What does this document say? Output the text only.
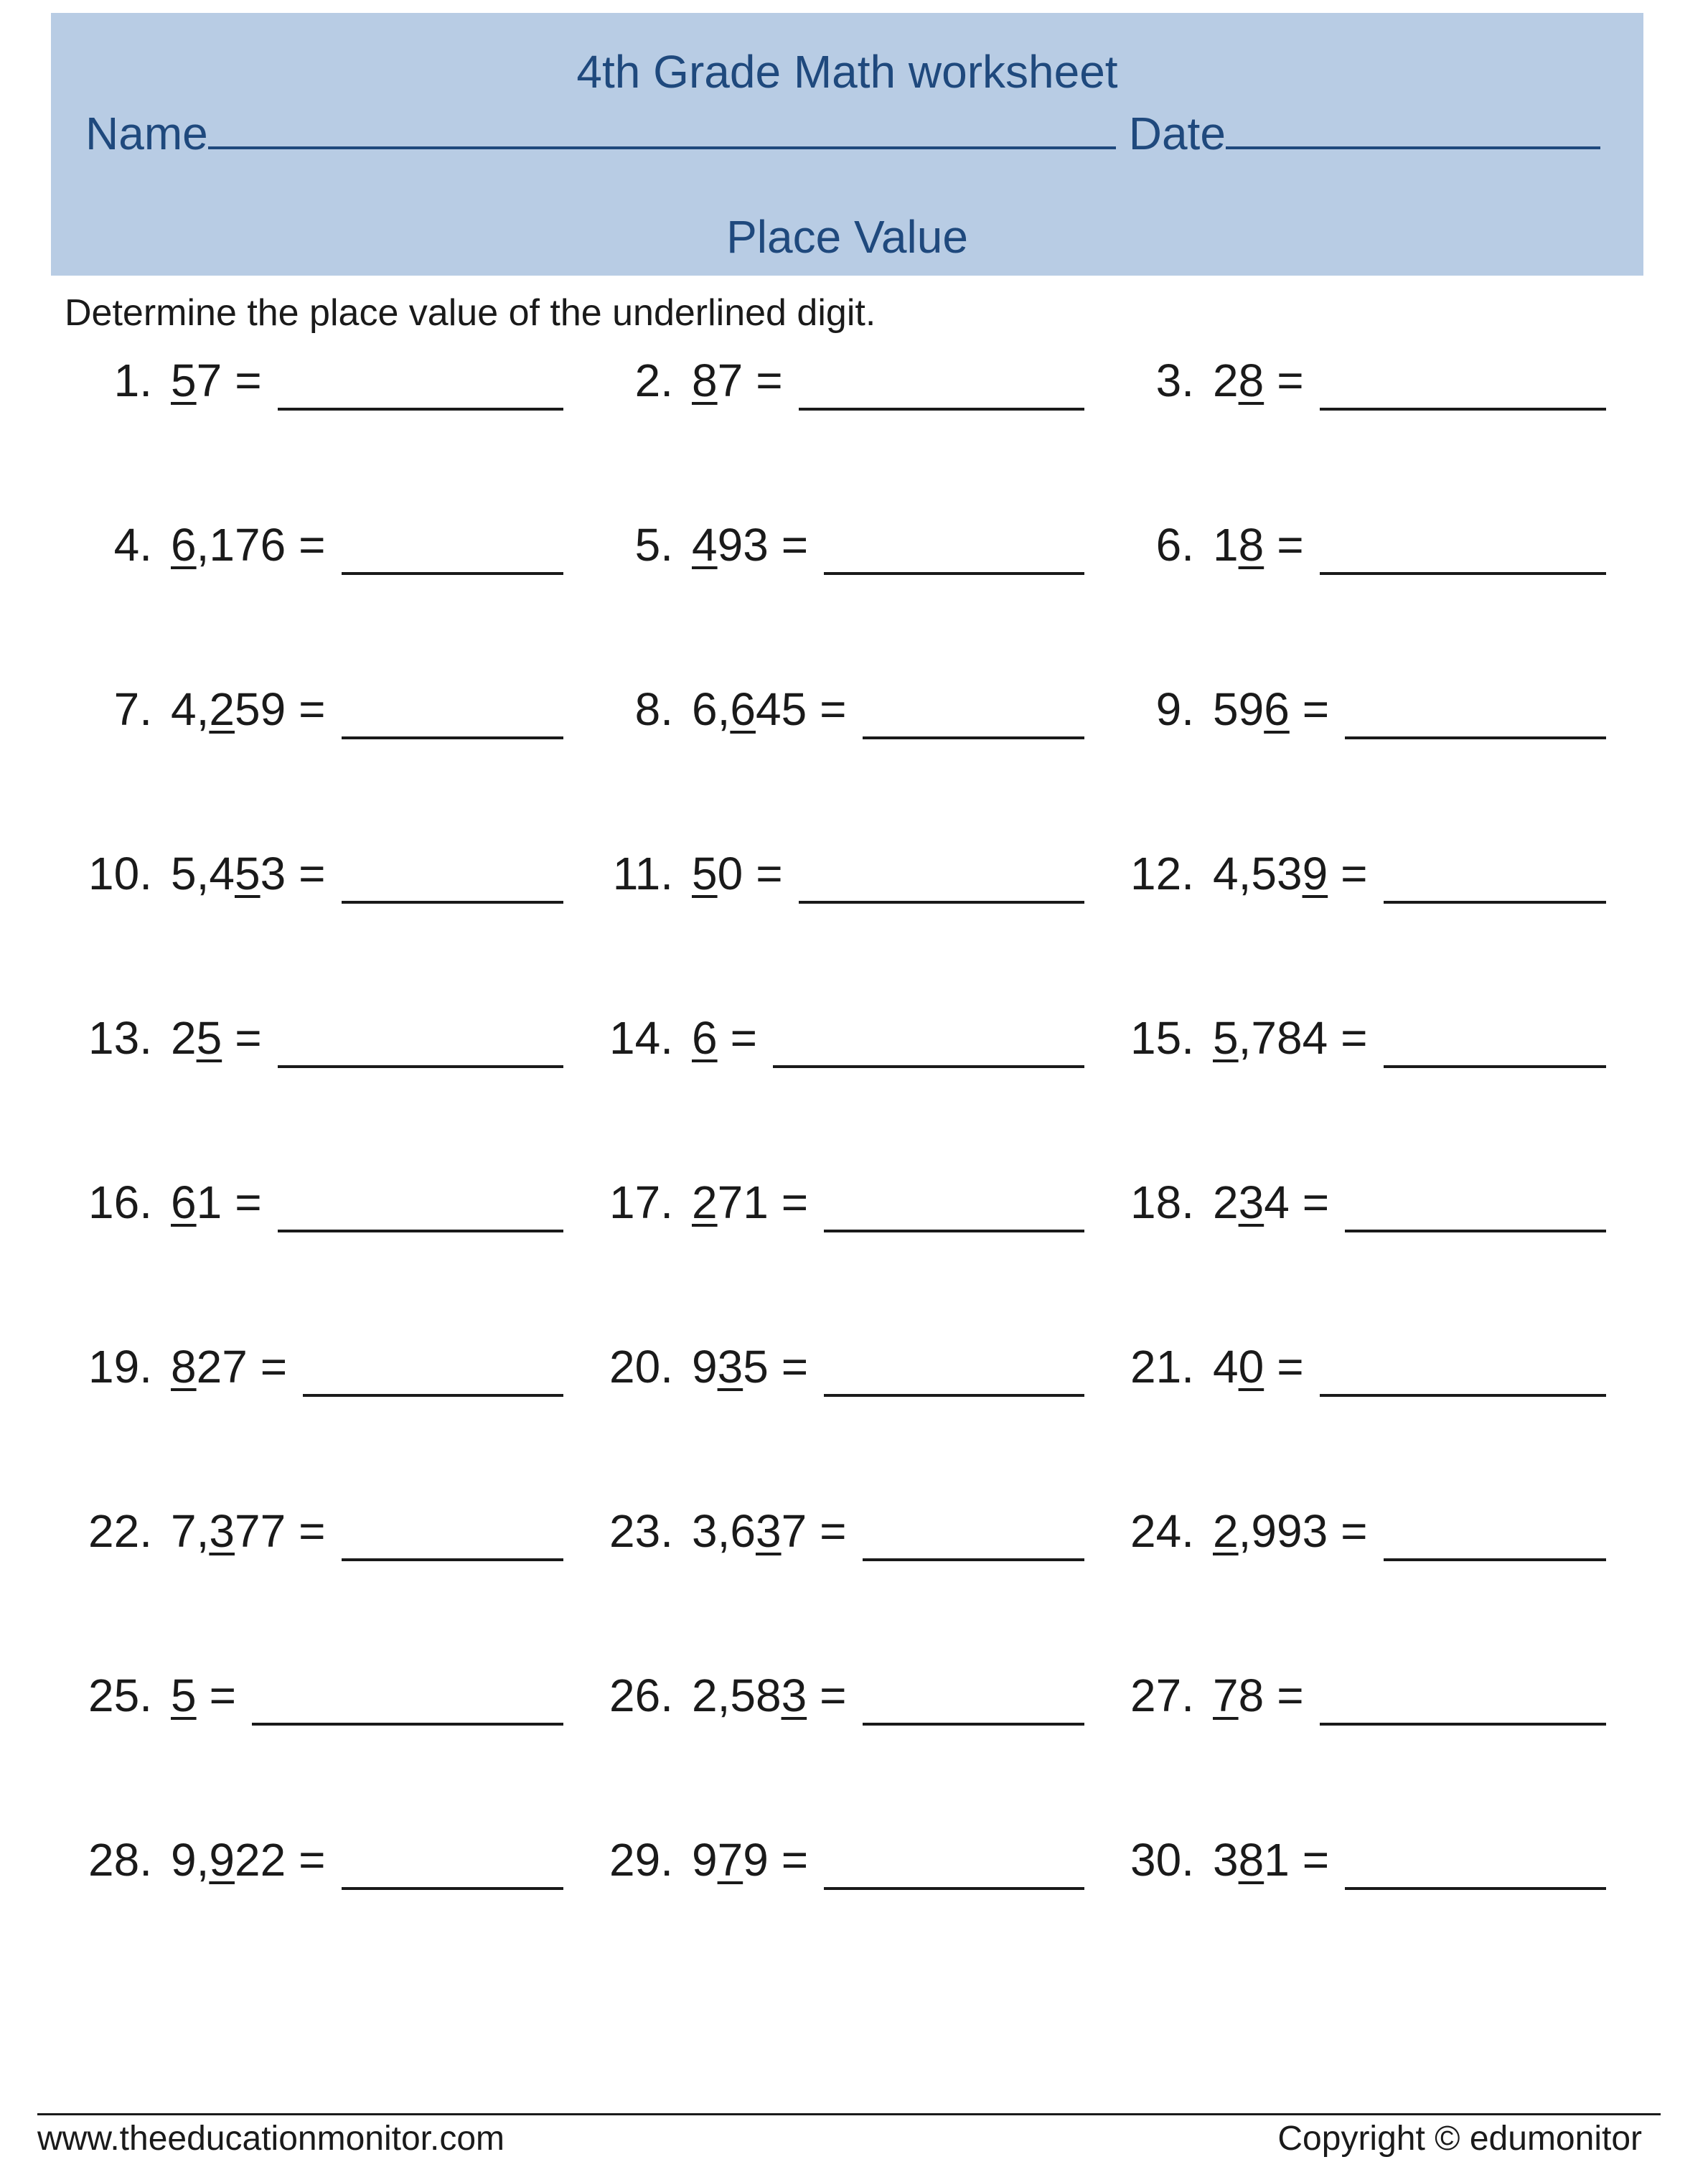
4th Grade Math worksheet
Name	Date
Place Value
Determine the place value of the underlined digit.
1. 57 =	2. 87 =	3. 28 =
4. 6,176 =	5. 493 =	6. 18 =
7. 4,259 =	8. 6,645 =	9. 596 =
10. 5,453 =	11. 50 =	12. 4,539 =
13. 25 =	14. 6 =	15. 5,784 =
16. 61 =	17. 271 =	18. 234 =
19. 827 =	20. 935 =	21. 40 =
22. 7,377 =	23. 3,637 =	24. 2,993 =
25. 5 =	26. 2,583 =	27. 78 =
28. 9,922 =	29. 979 =	30. 381 =
www.theeducationmonitor.com	Copyright © edumonitor
